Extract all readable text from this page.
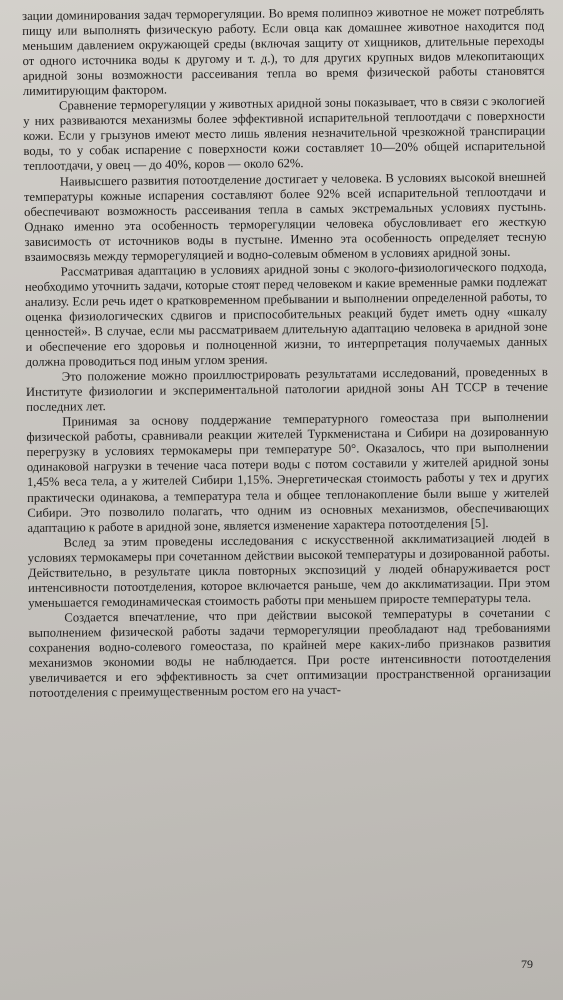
зации доминирования задач терморегуляции. Во время полипноэ животное не может потреблять пищу или выполнять физическую работу. Если овца как домашнее животное находится под меньшим давлением окружающей среды (включая защиту от хищников, длительные переходы от одного источника воды к другому и т. д.), то для других крупных видов млекопитающих аридной зоны возможности рассеивания тепла во время физической работы становятся лимитирующим фактором.

Сравнение терморегуляции у животных аридной зоны показывает, что в связи с экологией у них развиваются механизмы более эффективной испарительной теплоотдачи с поверхности кожи. Если у грызунов имеют место лишь явления незначительной чрезкожной транспирации воды, то у собак испарение с поверхности кожи составляет 10—20% общей испарительной теплоотдачи, у овец — до 40%, коров — около 62%.

Наивысшего развития потоотделение достигает у человека. В условиях высокой внешней температуры кожные испарения составляют более 92% всей испарительной теплоотдачи и обеспечивают возможность рассеивания тепла в самых экстремальных условиях пустынь. Однако именно эта особенность терморегуляции человека обусловливает его жесткую зависимость от источников воды в пустыне. Именно эта особенность определяет тесную взаимосвязь между терморегуляцией и водно-солевым обменом в условиях аридной зоны.

Рассматривая адаптацию в условиях аридной зоны с эколого-физиологического подхода, необходимо уточнить задачи, которые стоят перед человеком и какие временные рамки подлежат анализу. Если речь идет о кратковременном пребывании и выполнении определенной работы, то оценка физиологических сдвигов и приспособительных реакций будет иметь одну «шкалу ценностей». В случае, если мы рассматриваем длительную адаптацию человека в аридной зоне и обеспечение его здоровья и полноценной жизни, то интерпретация получаемых данных должна проводиться под иным углом зрения.

Это положение можно проиллюстрировать результатами исследований, проведенных в Институте физиологии и экспериментальной патологии аридной зоны АН ТССР в течение последних лет.

Принимая за основу поддержание температурного гомеостаза при выполнении физической работы, сравнивали реакции жителей Туркменистана и Сибири на дозированную перегрузку в условиях термокамеры при температуре 50°. Оказалось, что при выполнении одинаковой нагрузки в течение часа потери воды с потом составили у жителей аридной зоны 1,45% веса тела, а у жителей Сибири 1,15%. Энергетическая стоимость работы у тех и других практически одинакова, а температура тела и общее теплонакопление были выше у жителей Сибири. Это позволило полагать, что одним из основных механизмов, обеспечивающих адаптацию к работе в аридной зоне, является изменение характера потоотделения [5].

Вслед за этим проведены исследования с искусственной акклиматизацией людей в условиях термокамеры при сочетанном действии высокой температуры и дозированной работы. Действительно, в результате цикла повторных экспозиций у людей обнаруживается рост интенсивности потоотделения, которое включается раньше, чем до акклиматизации. При этом уменьшается гемодинамическая стоимость работы при меньшем приросте температуры тела.

Создается впечатление, что при действии высокой температуры в сочетании с выполнением физической работы задачи терморегуляции преобладают над требованиями сохранения водно-солевого гомеостаза, по крайней мере каких-либо признаков развития механизмов экономии воды не наблюдается. При росте интенсивности потоотделения увеличивается и его эффективность за счет оптимизации пространственной организации потоотделения с преимущественным ростом его на участ-

79
